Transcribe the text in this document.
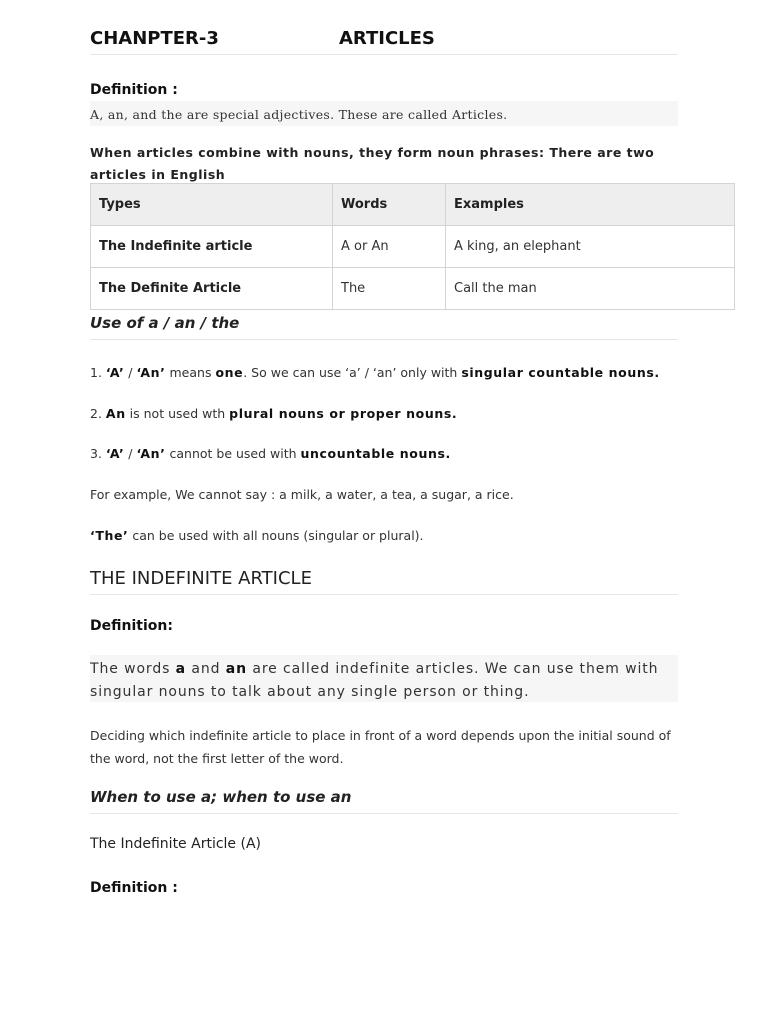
CHANPTER-3	ARTICLES
Definition :
A, an, and the are special adjectives. These are called Articles.
When articles combine with nouns, they form noun phrases: There are two articles in English
Types	Words	Examples
The Indefinite article	A or An	A king, an elephant
The Definite Article	The	Call the man
Use of a / an / the
1. ‘A’ / ‘An’ means one. So we can use ‘a’ / ‘an’ only with singular countable nouns.
2. An is not used wth plural nouns or proper nouns.
3. ‘A’ / ‘An’ cannot be used with uncountable nouns.
For example, We cannot say : a milk, a water, a tea, a sugar, a rice.
‘The’ can be used with all nouns (singular or plural).
THE INDEFINITE ARTICLE
Definition:
The words a and an are called indefinite articles. We can use them with singular nouns to talk about any single person or thing.
Deciding which indefinite article to place in front of a word depends upon the initial sound of the word, not the first letter of the word.
When to use a; when to use an
The Indefinite Article (A)
Definition :
